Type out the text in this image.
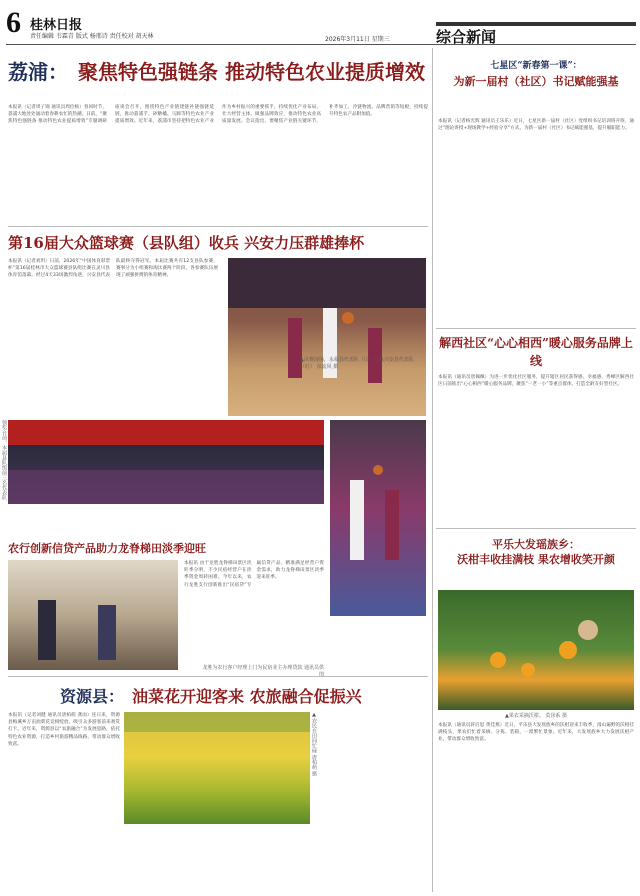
6 桂林日报
责任编辑 韦霖青 版式 杨邢诗 责任校对 胡天林	2026年3月11日 星期三	综合新闻
荔浦： 聚焦特色强链条 推动特色农业提质增效
本报讯（记者周子锦 通讯员周俭杨）春回时节，荔浦大地处处涌动着春耕农忙的热潮。日前，“聚焦特色强链条 推动特色农业提质增效”专题调研座谈会召开，围绕特色产业链建链补链强链延链，推动荔浦芋、砂糖橘、马蹄等特色农业产业提质增效。近年来，荔浦市坚持把特色农业产业作为乡村振兴的重要抓手，持续优化产业布局、壮大经营主体、做强品牌效应，推动特色农业高质量发展。会议指出，要聚焦产业链关键环节，补齐加工、冷链物流、品牌营销等短板，持续提升特色农产品附加值。
第16届大众篮球赛（县队组）收兵 兴安力压群雄捧杯
本报讯（记者刘玥）日前，2026年“中国体育彩票杯”第16届桂林市大众篮球赛县队组比赛在灵川县体育馆落幕。经过4天33场激烈角逐，兴安县代表队最终夺得冠军。本届比赛共有12支县队参赛，赛事分为小组赛和淘汰赛两个阶段，各参赛队伍展现了顽强拼搏的体育精神。
领奖台前，本届县队组前三名代表队
▲决赛现场，永福县代表队（白）对战兴安县代表队（红） 东流风 摄
农行创新信贷产品助力龙脊梯田淡季迎旺
本报讯 由于龙胜龙脊梯田景区淡旺季分明，不少民宿经营户在淡季资金周转困难。今年以来，农行龙胜支行创新推出“民宿贷”专属信贷产品，精准满足经营户资金需求，助力龙脊梯田景区淡季迎来旺季。
龙胜为农行客户经理上门为民宿业主办理贷款 通讯员供图
资源县： 油菜花开迎客来 农旅融合促振兴
本报讯（记者刘健 通讯员唐柏萌 龚雨）连日来，资源县梅溪乡万亩油菜花竞相绽放，吸引众多游客前来观赏打卡。近年来，资源县以“农旅融合”为发展思路，依托特色农业资源，打造乡村旅游精品线路，带动群众增收致富。	▲农民在田间忙碌 唐柏萌 摄
七星区“新春第一课”：
为新一届村（社区）书记赋能强基
本报讯（记者杨光辉 通讯员王乐乐）近日，七星区新一届村（社区）党组织书记培训班开班，通过“理论讲授+现场教学+经验分享”方式，为新一届村（社区）书记赋能强基，提升履职能力。
解西社区“心心相西”暖心服务品牌上线
本报讯（通讯员唐佩佩）为进一步优化社区服务，提升辖区居民获得感、幸福感，秀峰区解西社区日前推出“心心相西”暖心服务品牌，聚焦“一老一小”等重点群体，打造全龄友好型社区。
平乐大发瑶族乡：
沃柑丰收挂满枝 果农增收笑开颜
▲果农采摘沃柑。 莫泽系 摄
本报讯（通讯员蒋启思 黄佳燕）近日，平乐县大发瑶族乡的沃柑迎来丰收季，漫山遍野的沃柑挂满枝头，果农们忙着采摘、分拣、装箱，一派繁忙景象。近年来，大发瑶族乡大力发展沃柑产业，带动群众增收致富。
